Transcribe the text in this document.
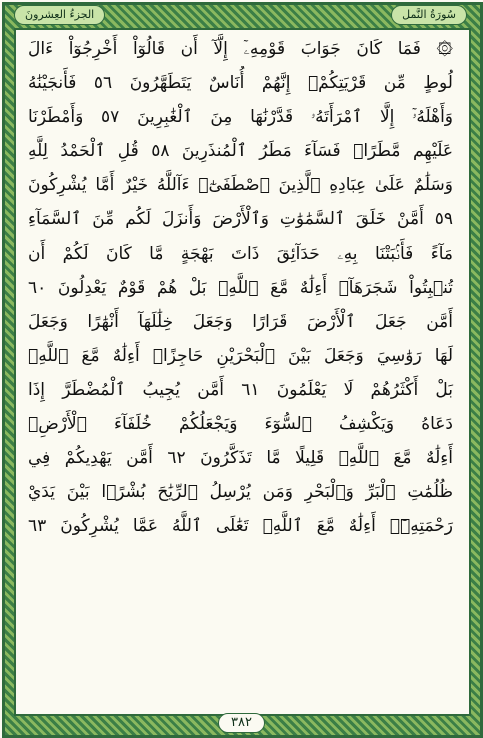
الجزءُ العِشرونَ	سُورَةُ النَّمل
۞ فَمَا كَانَ جَوَابَ قَوْمِهِۦٓ إِلَّآ أَن قَالُوٓاْ أَخْرِجُوٓاْ ءَالَ
لُوطٍ مِّن قَرْيَتِكُمْۖ إِنَّهُمْ أُنَاسٌ يَتَطَهَّرُونَ ٥٦ فَأَنجَيْنَٰهُ
وَأَهْلَهُۥٓ إِلَّا ٱمْرَأَتَهُۥ قَدَّرْنَٰهَا مِنَ ٱلْغَٰبِرِينَ ٥٧ وَأَمْطَرْنَا
عَلَيْهِم مَّطَرًاۖ فَسَآءَ مَطَرُ ٱلْمُنذَرِينَ ٥٨ قُلِ ٱلْحَمْدُ لِلَّهِ
وَسَلَٰمٌ عَلَىٰ عِبَادِهِ ٱلَّذِينَ ٱصْطَفَىٰٓۗ ءَآللَّهُ خَيْرٌ أَمَّا يُشْرِكُونَ
٥٩ أَمَّنْ خَلَقَ ٱلسَّمَٰوَٰتِ وَٱلْأَرْضَ وَأَنزَلَ لَكُم مِّنَ ٱلسَّمَآءِ
مَآءً فَأَنۢبَتْنَا بِهِۦ حَدَآئِقَ ذَاتَ بَهْجَةٍ مَّا كَانَ لَكُمْ أَن
تُنۢبِتُواْ شَجَرَهَآۗ أَءِلَٰهٌ مَّعَ ٱللَّهِۚ بَلْ هُمْ قَوْمٌ يَعْدِلُونَ ٦٠
أَمَّن جَعَلَ ٱلْأَرْضَ قَرَارًا وَجَعَلَ خِلَٰلَهَآ أَنْهَٰرًا وَجَعَلَ
لَهَا رَوَٰسِيَ وَجَعَلَ بَيْنَ ٱلْبَحْرَيْنِ حَاجِزًاۗ أَءِلَٰهٌ مَّعَ ٱللَّهِۚ
بَلْ أَكْثَرُهُمْ لَا يَعْلَمُونَ ٦١ أَمَّن يُجِيبُ ٱلْمُضْطَرَّ إِذَا
دَعَاهُ وَيَكْشِفُ ٱلسُّوٓءَ وَيَجْعَلُكُمْ خُلَفَآءَ ٱلْأَرْضِۗ
أَءِلَٰهٌ مَّعَ ٱللَّهِۚ قَلِيلًا مَّا تَذَكَّرُونَ ٦٢ أَمَّن يَهْدِيكُمْ فِي
ظُلُمَٰتِ ٱلْبَرِّ وَٱلْبَحْرِ وَمَن يُرْسِلُ ٱلرِّيَٰحَ بُشْرًۢا بَيْنَ يَدَيْ
رَحْمَتِهِۦٓۗ أَءِلَٰهٌ مَّعَ ٱللَّهِۚ تَعَٰلَى ٱللَّهُ عَمَّا يُشْرِكُونَ ٦٣
٣٨٢
